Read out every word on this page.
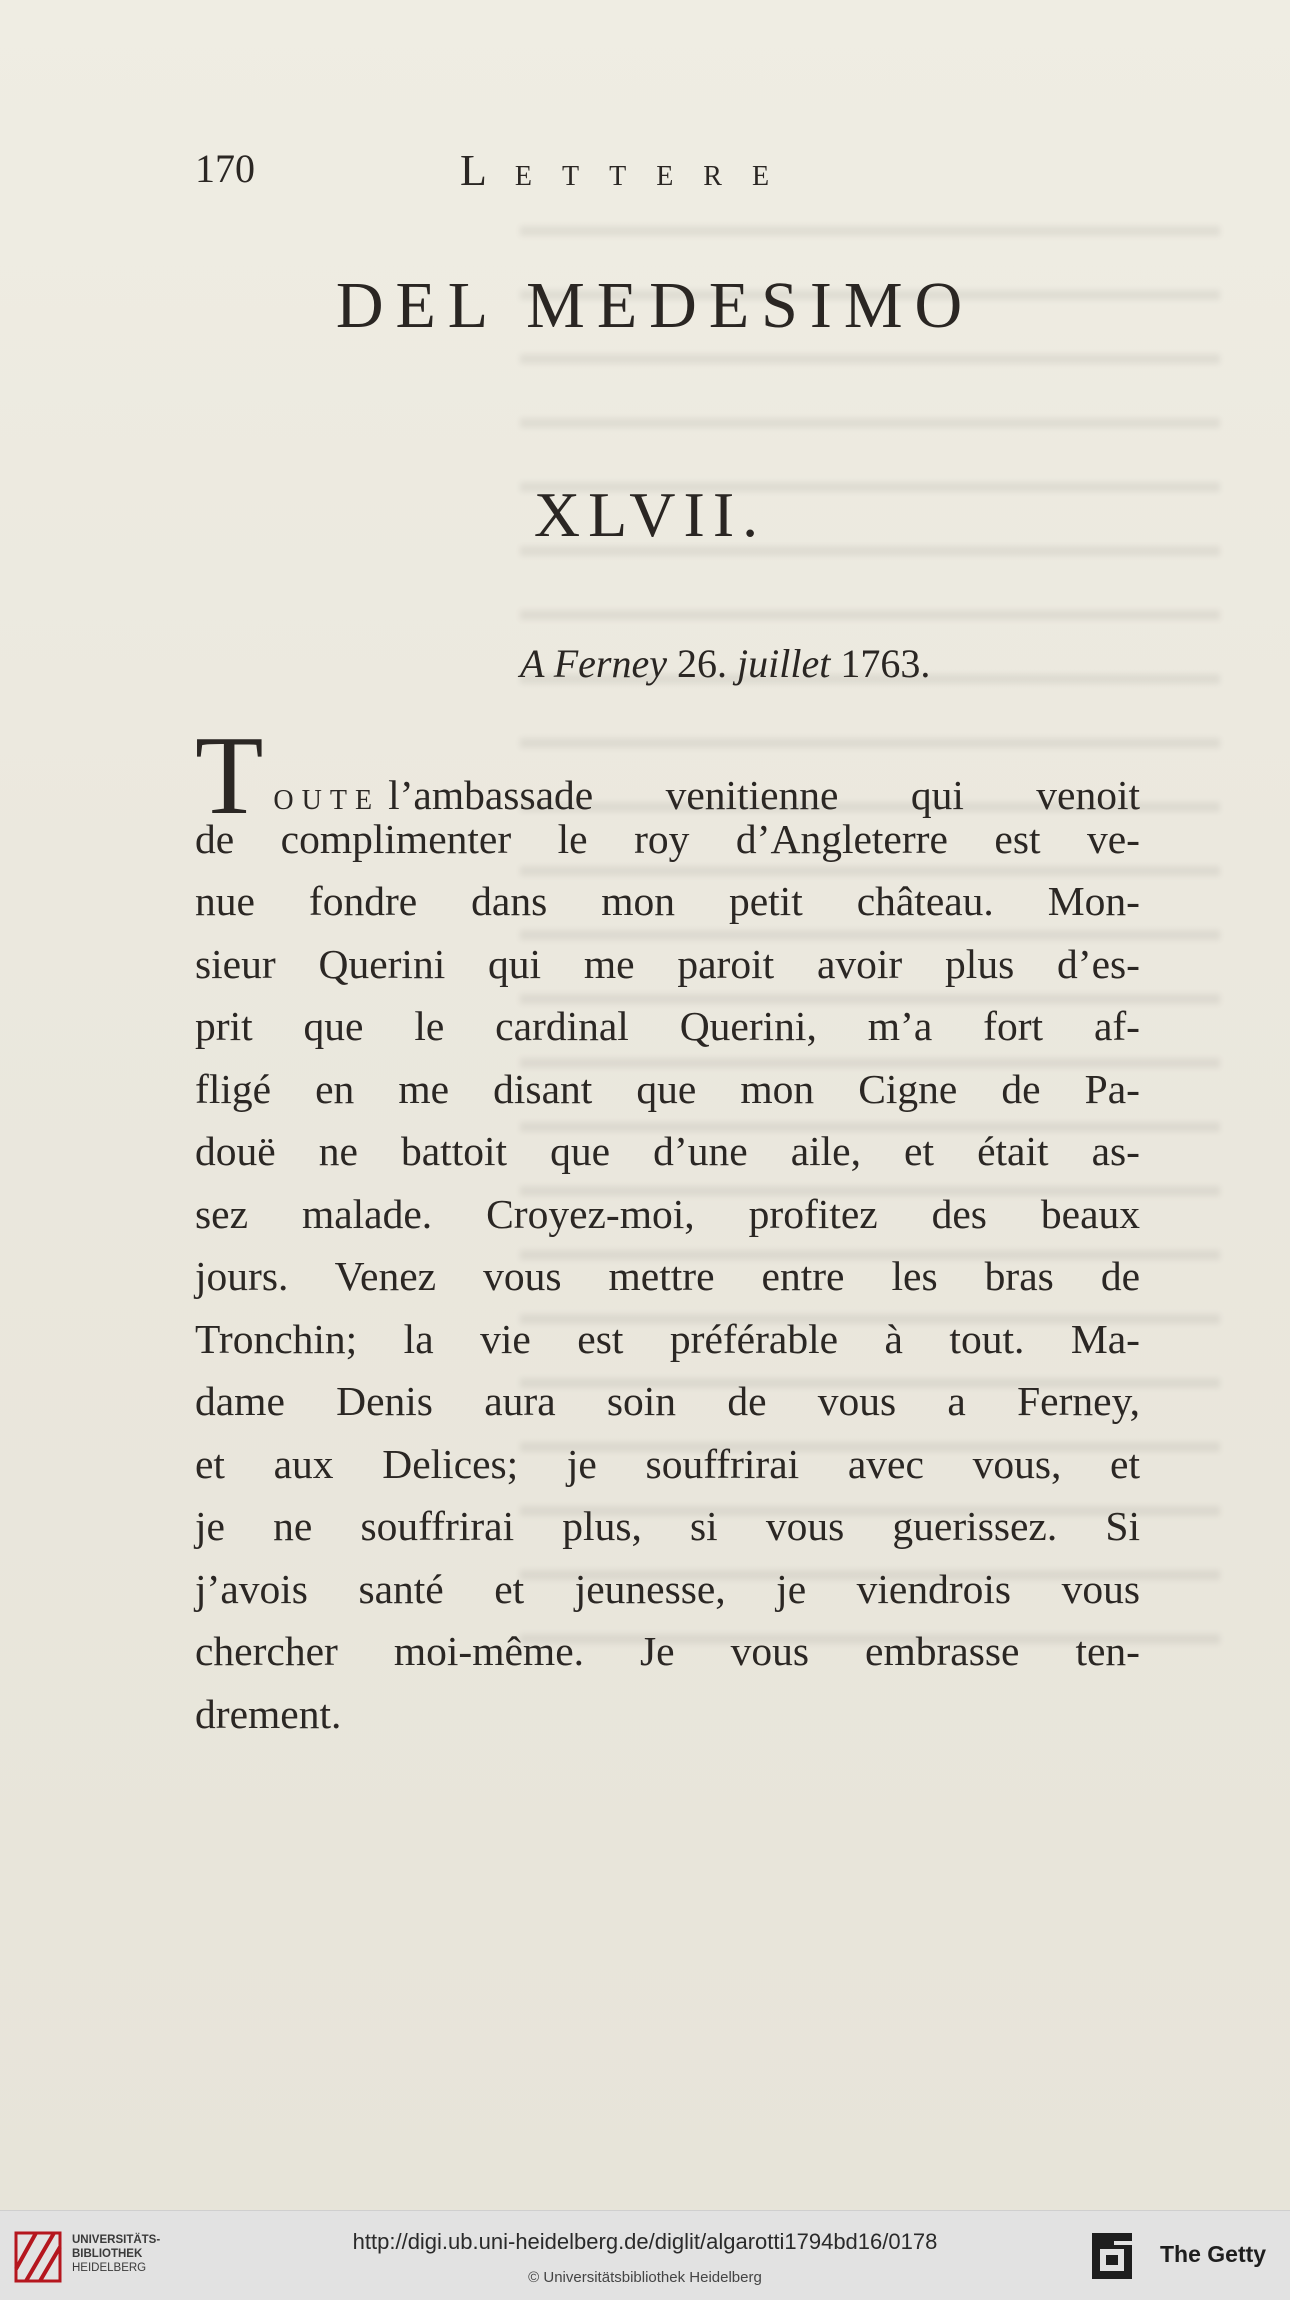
170	LETTERE
DEL MEDESIMO
XLVII.
A Ferney 26. juillet 1763.
TOUTE l’ambassade venitienne qui venoit
de complimenter le roy d’Angleterre est ve-
nue fondre dans mon petit château. Mon-
sieur Querini qui me paroit avoir plus d’es-
prit que le cardinal Querini, m’a fort af-
fligé en me disant que mon Cigne de Pa-
douë ne battoit que d’une aile, et était as-
sez malade. Croyez-moi, profitez des beaux
jours. Venez vous mettre entre les bras de
Tronchin; la vie est préférable à tout. Ma-
dame Denis aura soin de vous a Ferney,
et aux Delices; je souffrirai avec vous, et
je ne souffrirai plus, si vous guerissez. Si
j’avois santé et jeunesse, je viendrois vous
chercher moi-même. Je vous embrasse ten-
drement.
UNIVERSITÄTS-
BIBLIOTHEK
HEIDELBERG
http://digi.ub.uni-heidelberg.de/diglit/algarotti1794bd16/0178
© Universitätsbibliothek Heidelberg
The Getty
